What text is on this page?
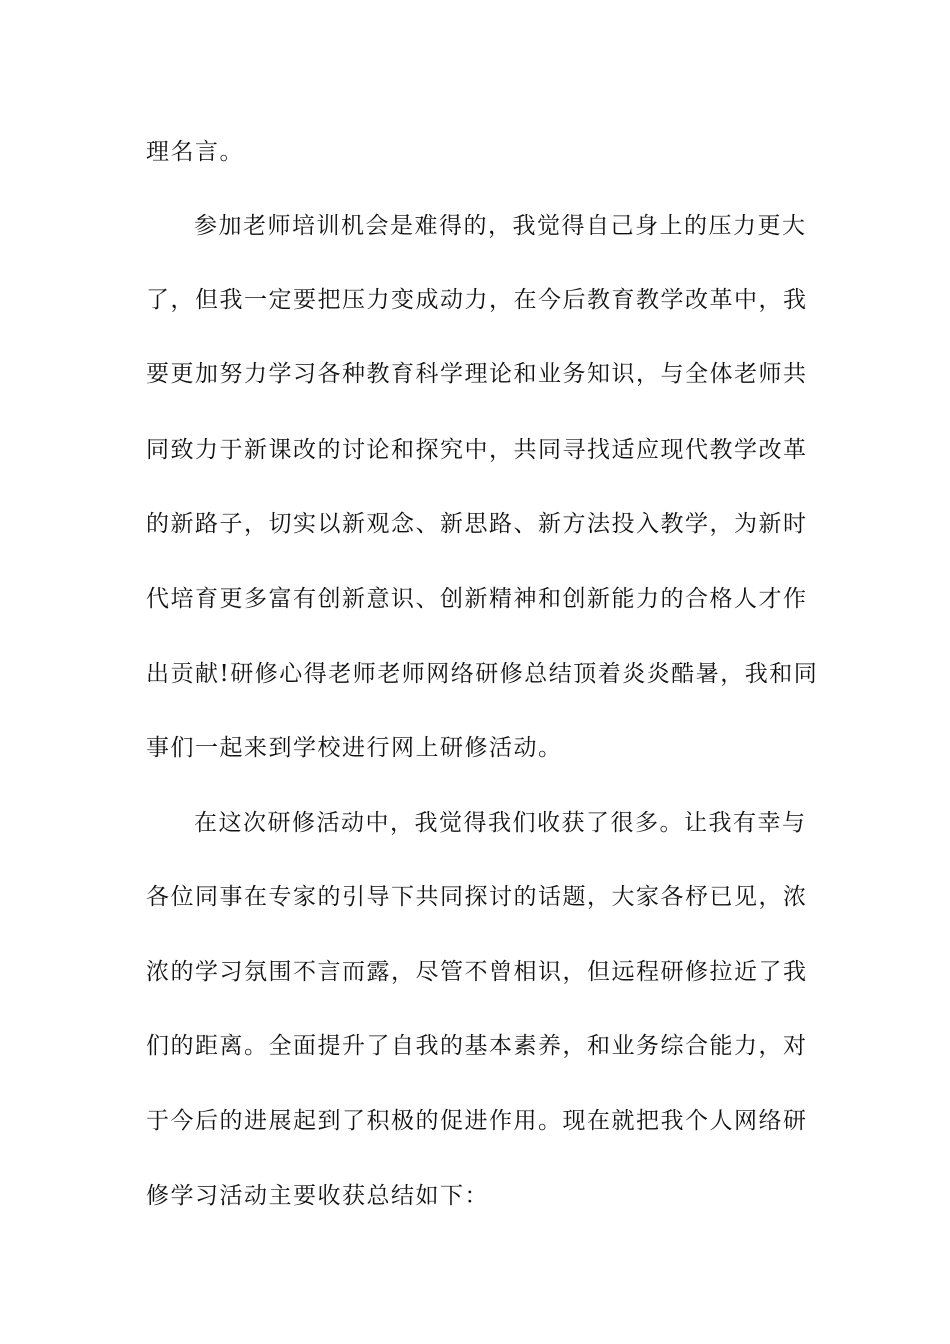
理名言。
参加老师培训机会是难得的，我觉得自己身上的压力更大
了，但我一定要把压力变成动力，在今后教育教学改革中，我
要更加努力学习各种教育科学理论和业务知识，与全体老师共
同致力于新课改的讨论和探究中，共同寻找适应现代教学改革
的新路子，切实以新观念、新思路、新方法投入教学，为新时
代培育更多富有创新意识、创新精神和创新能力的合格人才作
出贡献!研修心得老师老师网络研修总结顶着炎炎酷暑，我和同
事们一起来到学校进行网上研修活动。
在这次研修活动中，我觉得我们收获了很多。让我有幸与
各位同事在专家的引导下共同探讨的话题，大家各杼已见，浓
浓的学习氛围不言而露，尽管不曾相识，但远程研修拉近了我
们的距离。全面提升了自我的基本素养，和业务综合能力，对
于今后的进展起到了积极的促进作用。现在就把我个人网络研
修学习活动主要收获总结如下：
